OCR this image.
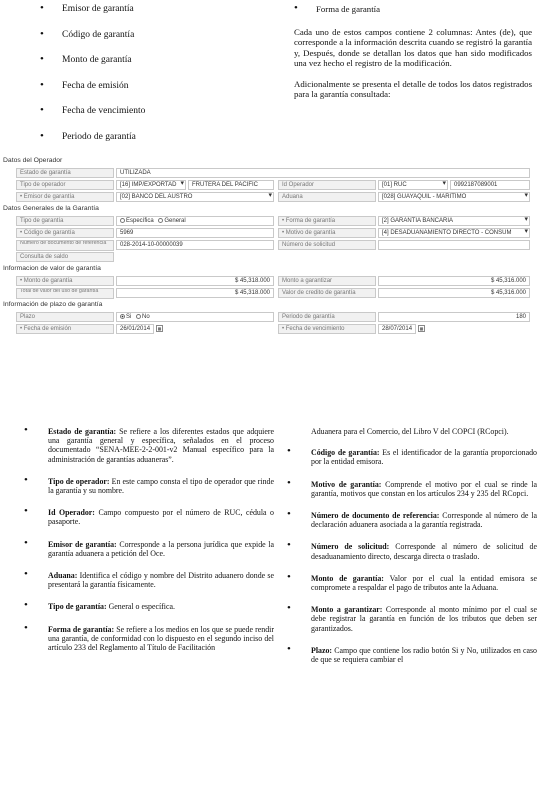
• Emisor de garantía
• Código de garantía
• Monto de garantía
• Fecha de emisión
• Fecha de vencimiento
• Periodo de garantía
• Forma de garantía

Cada uno de estos campos contiene 2 columnas: Antes (de), que corresponde a la información descrita cuando se registró la garantía y, Después, donde se detallan los datos que han sido modificados una vez hecho el registro de la modificación.

Adicionalmente se presenta el detalle de todos los datos registrados para la garantía consultada:

Datos del Operador
Estado de garantía	UTILIZADA
Tipo de operador	[16] IMP/EXPORTAD ▾	FRUTERA DEL PACIFIC	Id Operador	[01] RUC ▾	0992187089001
• Emisor de garantía	[02] BANCO DEL AUSTRO ▾	Aduana	[028] GUAYAQUIL - MARITIMO ▾
Datos Generales de la Garantía
Tipo de garantía	Específica General	• Forma de garantía	[2] GARANTIA BANCARIA ▾
• Código de garantía	5969	• Motivo de garantía	[4] DESADUANAMIENTO DIRECTO - CONSUM ▾
Número de documento de referencia	028-2014-10-00000039	Número de solicitud
Consulta de saldo
Informacion de valor de garantía
• Monto de garantía	$ 45,318.000	Monto a garantizar	$ 45,316.000
Total de valor del uso de garantía	$ 45,318.000	Valor de credito de garantía	$ 45,316.000
Información de plazo de garantía
Plazo	Si No	Periodo de garantía	180
• Fecha de emisión	26/01/2014 ▦	• Fecha de vencimiento	28/07/2014 ▦
• Estado de garantía: Se refiere a los diferentes estados que adquiere una garantía general y específica, señalados en el proceso documentado “SENA-MEE-2-2-001-v2 Manual específico para la administración de garantías aduaneras”.
• Tipo de operador: En este campo consta el tipo de operador que rinde la garantía y su nombre.
• Id Operador: Campo compuesto por el número de RUC, cédula o pasaporte.
• Emisor de garantía: Corresponde a la persona jurídica que expide la garantía aduanera a petición del Oce.
• Aduana: Identifica el código y nombre del Distrito aduanero donde se presentará la garantía físicamente.
• Tipo de garantía: General o específica.
• Forma de garantía: Se refiere a los medios en los que se puede rendir una garantía, de conformidad con lo dispuesto en el segundo inciso del artículo 233 del Reglamento al Título de Facilitación
Aduanera para el Comercio, del Libro V del COPCI (RCopci).
• Código de garantía: Es el identificador de la garantía proporcionado por la entidad emisora.
• Motivo de garantía: Comprende el motivo por el cual se rinde la garantía, motivos que constan en los artículos 234 y 235 del RCopci.
• Número de documento de referencia: Corresponde al número de la declaración aduanera asociada a la garantía registrada.
• Número de solicitud: Corresponde al número de solicitud de desaduanamiento directo, descarga directa o traslado.
• Monto de garantía: Valor por el cual la entidad emisora se compromete a respaldar el pago de tributos ante la Aduana.
• Monto a garantizar: Corresponde al monto mínimo por el cual se debe registrar la garantía en función de los tributos que deben ser garantizados.
• Plazo: Campo que contiene los radio botón Si y No, utilizados en caso de que se requiera cambiar el
